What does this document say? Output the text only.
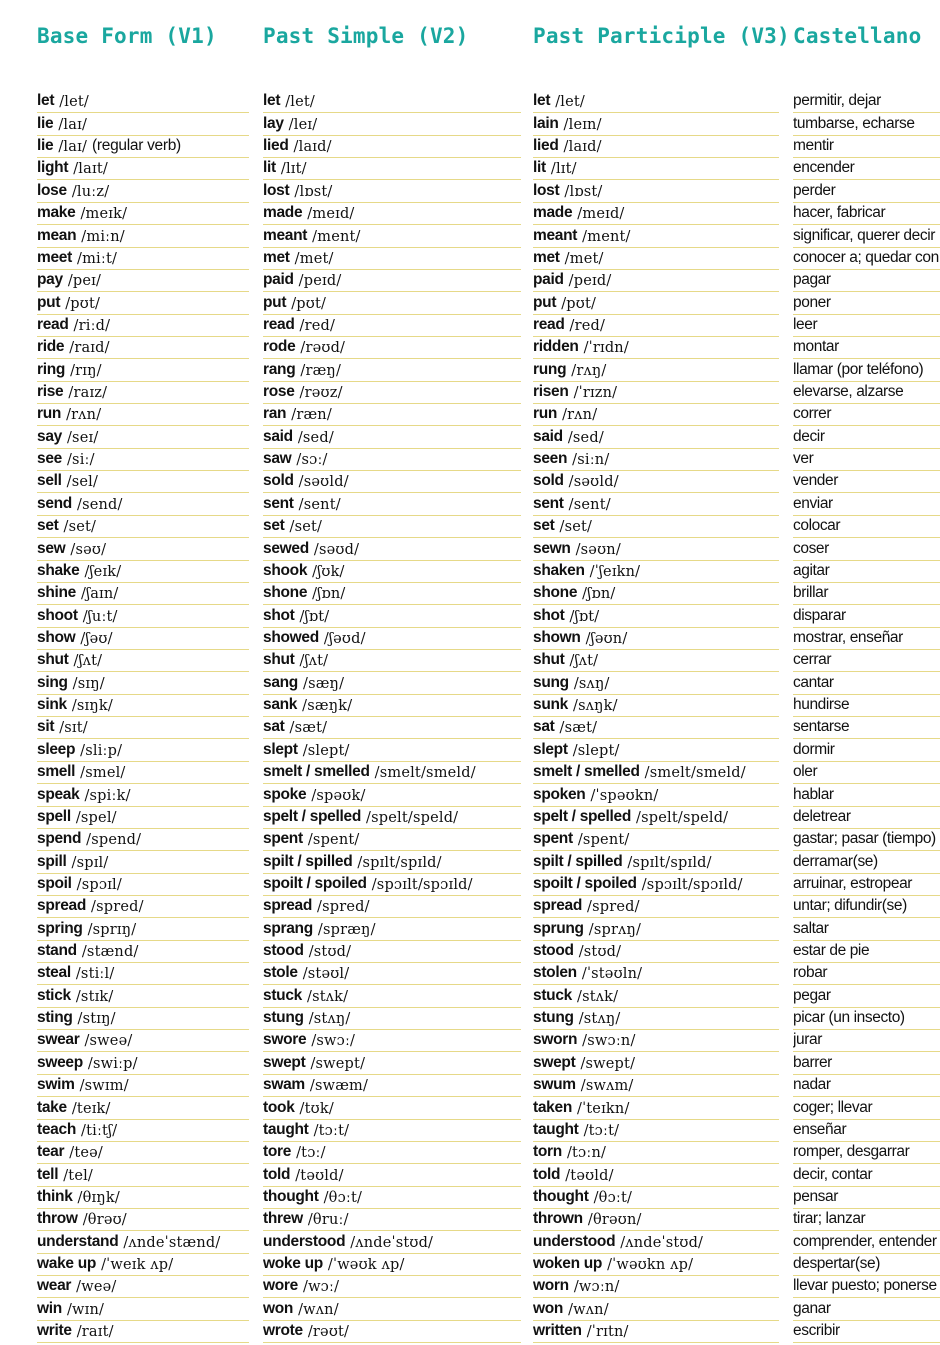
Base Form (V1) Past Simple (V2)	Past Participle (V3) Castellano
let /let/
lie /laɪ/
lie /laɪ/ (regular verb)
light /laɪt/
lose /luːz/
make /meɪk/
mean /miːn/
meet /miːt/
pay /peɪ/
put /pʊt/
read /riːd/
ride /raɪd/
ring /rɪŋ/
rise /raɪz/
run /rʌn/
say /seɪ/
see /siː/
sell /sel/
send /send/
set /set/
sew /səʊ/
shake /ʃeɪk/
shine /ʃaɪn/
shoot /ʃuːt/
show /ʃəʊ/
shut /ʃʌt/
sing /sɪŋ/
sink /sɪŋk/
sit /sɪt/
sleep /sliːp/
smell /smel/
speak /spiːk/
spell /spel/
spend /spend/
spill /spɪl/
spoil /spɔɪl/
spread /spred/
spring /sprɪŋ/
stand /stænd/
steal /stiːl/
stick /stɪk/
sting /stɪŋ/
swear /sweə/
sweep /swiːp/
swim /swɪm/
take /teɪk/
teach /tiːtʃ/
tear /teə/
tell /tel/
think /θɪŋk/
throw /θrəʊ/
understand /ʌndeˈstænd/
wake up /ˈweɪk ʌp/
wear /weə/
win /wɪn/
write /raɪt/
let /let/
lay /leɪ/
lied /laɪd/
lit /lɪt/
lost /lɒst/
made /meɪd/
meant /ment/
met /met/
paid /peɪd/
put /pʊt/
read /red/
rode /rəʊd/
rang /ræŋ/
rose /rəʊz/
ran /ræn/
said /sed/
saw /sɔː/
sold /səʊld/
sent /sent/
set /set/
sewed /səʊd/
shook /ʃʊk/
shone /ʃɒn/
shot /ʃɒt/
showed /ʃəʊd/
shut /ʃʌt/
sang /sæŋ/
sank /sæŋk/
sat /sæt/
slept /slept/
smelt / smelled /smelt/smeld/
spoke /spəʊk/
spelt / spelled /spelt/speld/
spent /spent/
spilt / spilled /spɪlt/spɪld/
spoilt / spoiled /spɔɪlt/spɔɪld/
spread /spred/
sprang /spræŋ/
stood /stʊd/
stole /stəʊl/
stuck /stʌk/
stung /stʌŋ/
swore /swɔː/
swept /swept/
swam /swæm/
took /tʊk/
taught /tɔːt/
tore /tɔː/
told /təʊld/
thought /θɔːt/
threw /θruː/
understood /ʌndeˈstʊd/
woke up /ˈwəʊk ʌp/
wore /wɔː/
won /wʌn/
wrote /rəʊt/
let /let/
lain /leɪn/
lied /laɪd/
lit /lɪt/
lost /lɒst/
made /meɪd/
meant /ment/
met /met/
paid /peɪd/
put /pʊt/
read /red/
ridden /ˈrɪdn/
rung /rʌŋ/
risen /ˈrɪzn/
run /rʌn/
said /sed/
seen /siːn/
sold /səʊld/
sent /sent/
set /set/
sewn /səʊn/
shaken /ˈʃeɪkn/
shone /ʃɒn/
shot /ʃɒt/
shown /ʃəʊn/
shut /ʃʌt/
sung /sʌŋ/
sunk /sʌŋk/
sat /sæt/
slept /slept/
smelt / smelled /smelt/smeld/
spoken /ˈspəʊkn/
spelt / spelled /spelt/speld/
spent /spent/
spilt / spilled /spɪlt/spɪld/
spoilt / spoiled /spɔɪlt/spɔɪld/
spread /spred/
sprung /sprʌŋ/
stood /stʊd/
stolen /ˈstəʊln/
stuck /stʌk/
stung /stʌŋ/
sworn /swɔːn/
swept /swept/
swum /swʌm/
taken /ˈteɪkn/
taught /tɔːt/
torn /tɔːn/
told /təʊld/
thought /θɔːt/
thrown /θrəʊn/
understood /ʌndeˈstʊd/
woken up /ˈwəʊkn ʌp/
worn /wɔːn/
won /wʌn/
written /ˈrɪtn/
permitir, dejar
tumbarse, echarse
mentir
encender
perder
hacer, fabricar
significar, querer decir
conocer a; quedar con
pagar
poner
leer
montar
llamar (por teléfono)
elevarse, alzarse
correr
decir
ver
vender
enviar
colocar
coser
agitar
brillar
disparar
mostrar, enseñar
cerrar
cantar
hundirse
sentarse
dormir
oler
hablar
deletrear
gastar; pasar (tiempo)
derramar(se)
arruinar, estropear
untar; difundir(se)
saltar
estar de pie
robar
pegar
picar (un insecto)
jurar
barrer
nadar
coger; llevar
enseñar
romper, desgarrar
decir, contar
pensar
tirar; lanzar
comprender, entender
despertar(se)
llevar puesto; ponerse
ganar
escribir
